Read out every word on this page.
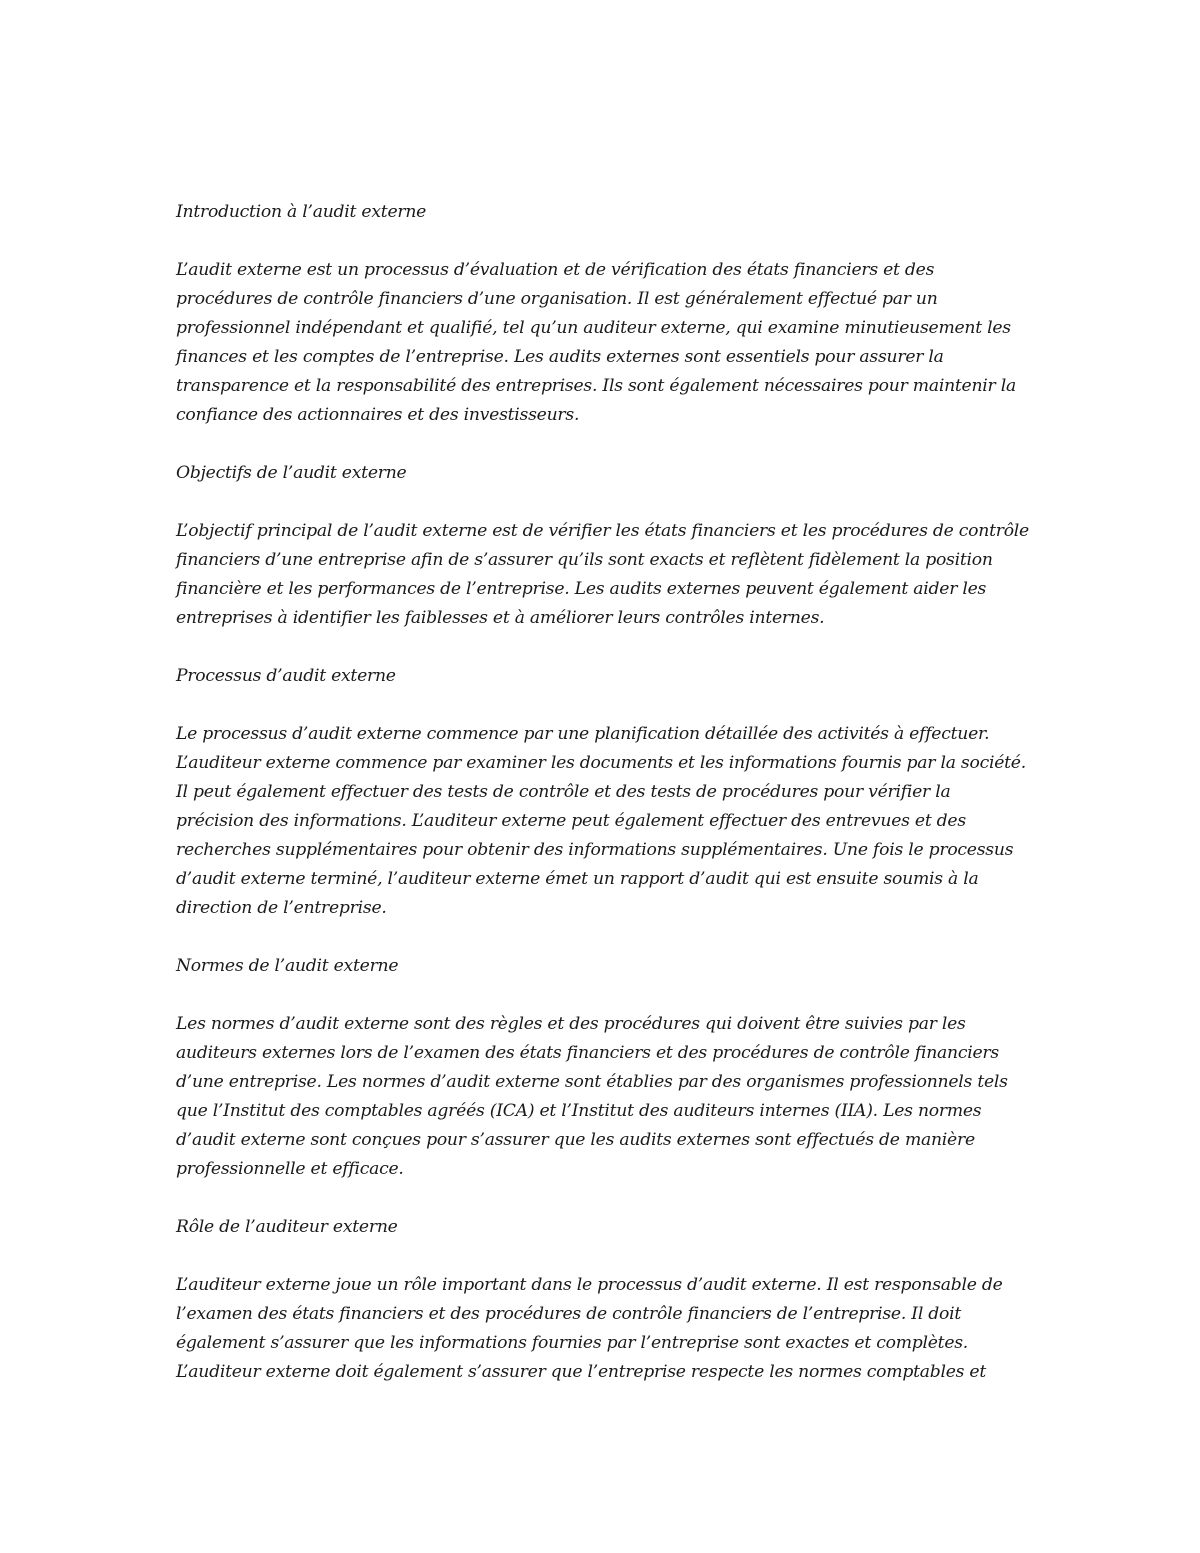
Introduction à l’audit externe
L’audit externe est un processus d’évaluation et de vérification des états financiers et des procédures de contrôle financiers d’une organisation. Il est généralement effectué par un professionnel indépendant et qualifié, tel qu’un auditeur externe, qui examine minutieusement les finances et les comptes de l’entreprise. Les audits externes sont essentiels pour assurer la transparence et la responsabilité des entreprises. Ils sont également nécessaires pour maintenir la confiance des actionnaires et des investisseurs.
Objectifs de l’audit externe
L’objectif principal de l’audit externe est de vérifier les états financiers et les procédures de contrôle financiers d’une entreprise afin de s’assurer qu’ils sont exacts et reflètent fidèlement la position financière et les performances de l’entreprise. Les audits externes peuvent également aider les entreprises à identifier les faiblesses et à améliorer leurs contrôles internes.
Processus d’audit externe
Le processus d’audit externe commence par une planification détaillée des activités à effectuer. L’auditeur externe commence par examiner les documents et les informations fournis par la société. Il peut également effectuer des tests de contrôle et des tests de procédures pour vérifier la précision des informations. L’auditeur externe peut également effectuer des entrevues et des recherches supplémentaires pour obtenir des informations supplémentaires. Une fois le processus d’audit externe terminé, l’auditeur externe émet un rapport d’audit qui est ensuite soumis à la direction de l’entreprise.
Normes de l’audit externe
Les normes d’audit externe sont des règles et des procédures qui doivent être suivies par les auditeurs externes lors de l’examen des états financiers et des procédures de contrôle financiers d’une entreprise. Les normes d’audit externe sont établies par des organismes professionnels tels que l’Institut des comptables agréés (ICA) et l’Institut des auditeurs internes (IIA). Les normes d’audit externe sont conçues pour s’assurer que les audits externes sont effectués de manière professionnelle et efficace.
Rôle de l’auditeur externe
L’auditeur externe joue un rôle important dans le processus d’audit externe. Il est responsable de l’examen des états financiers et des procédures de contrôle financiers de l’entreprise. Il doit également s’assurer que les informations fournies par l’entreprise sont exactes et complètes. L’auditeur externe doit également s’assurer que l’entreprise respecte les normes comptables et
